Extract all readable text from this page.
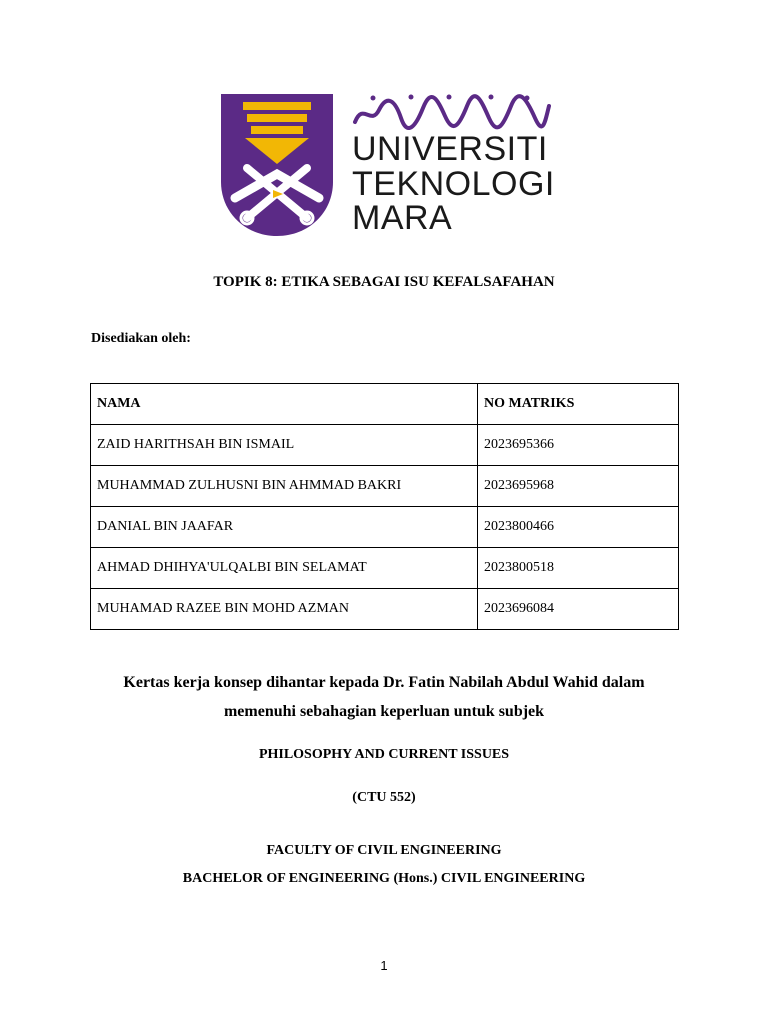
UNIVERSITI
TEKNOLOGI
MARA
TOPIK 8: ETIKA SEBAGAI ISU KEFALSAFAHAN
Disediakan oleh:
NAMA	NO MATRIKS
ZAID HARITHSAH BIN ISMAIL	2023695366
MUHAMMAD ZULHUSNI BIN AHMMAD BAKRI	2023695968
DANIAL BIN JAAFAR	2023800466
AHMAD DHIHYA'ULQALBI BIN SELAMAT	2023800518
MUHAMAD RAZEE BIN MOHD AZMAN	2023696084
Kertas kerja konsep dihantar kepada Dr. Fatin Nabilah Abdul Wahid dalam
memenuhi sebahagian keperluan untuk subjek
PHILOSOPHY AND CURRENT ISSUES
(CTU 552)
FACULTY OF CIVIL ENGINEERING
BACHELOR OF ENGINEERING (Hons.) CIVIL ENGINEERING
1
